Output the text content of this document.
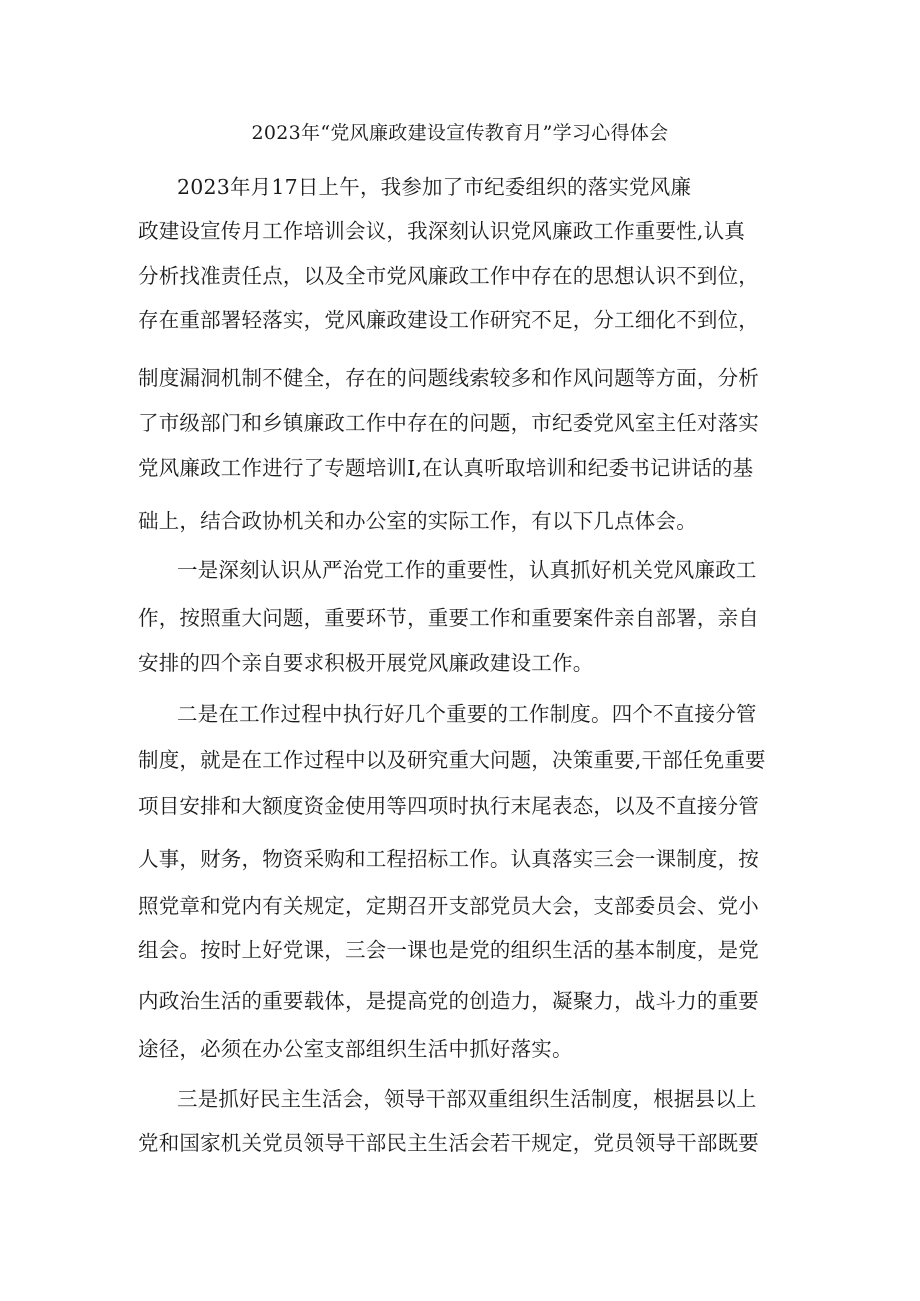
2023年“党风廉政建设宣传教育月”学习心得体会
2023年月17日上午，我参加了市纪委组织的落实党风廉
政建设宣传月工作培训会议，我深刻认识党风廉政工作重要性,认真
分析找准责任点，以及全市党风廉政工作中存在的思想认识不到位，
存在重部署轻落实，党风廉政建设工作研究不足，分工细化不到位，
制度漏洞机制不健全，存在的问题线索较多和作风问题等方面，分析
了市级部门和乡镇廉政工作中存在的问题，市纪委党风室主任对落实
党风廉政工作进行了专题培训I,在认真听取培训和纪委书记讲话的基
础上，结合政协机关和办公室的实际工作，有以下几点体会。
一是深刻认识从严治党工作的重要性，认真抓好机关党风廉政工
作，按照重大问题，重要环节，重要工作和重要案件亲自部署，亲自
安排的四个亲自要求积极开展党风廉政建设工作。
二是在工作过程中执行好几个重要的工作制度。四个不直接分管
制度，就是在工作过程中以及研究重大问题，决策重要,干部任免重要
项目安排和大额度资金使用等四项时执行末尾表态，以及不直接分管
人事，财务，物资采购和工程招标工作。认真落实三会一课制度，按
照党章和党内有关规定，定期召开支部党员大会，支部委员会、党小
组会。按时上好党课，三会一课也是党的组织生活的基本制度，是党
内政治生活的重要载体，是提高党的创造力，凝聚力，战斗力的重要
途径，必须在办公室支部组织生活中抓好落实。
三是抓好民主生活会，领导干部双重组织生活制度，根据县以上
党和国家机关党员领导干部民主生活会若干规定，党员领导干部既要
